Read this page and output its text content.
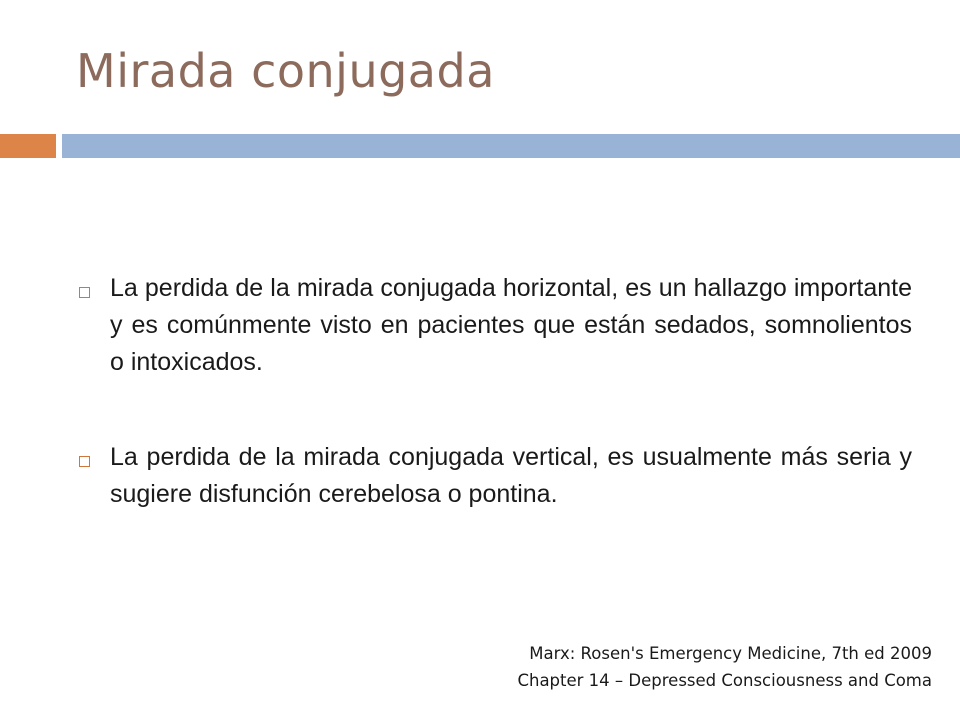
Mirada conjugada
La perdida de la mirada conjugada horizontal, es un hallazgo importante y es comúnmente visto en pacientes que están sedados, somnolientos o intoxicados.
La perdida de la mirada conjugada vertical, es usualmente más seria y sugiere disfunción cerebelosa o pontina.
Marx: Rosen's Emergency Medicine, 7th ed 2009
Chapter 14 – Depressed Consciousness and Coma
